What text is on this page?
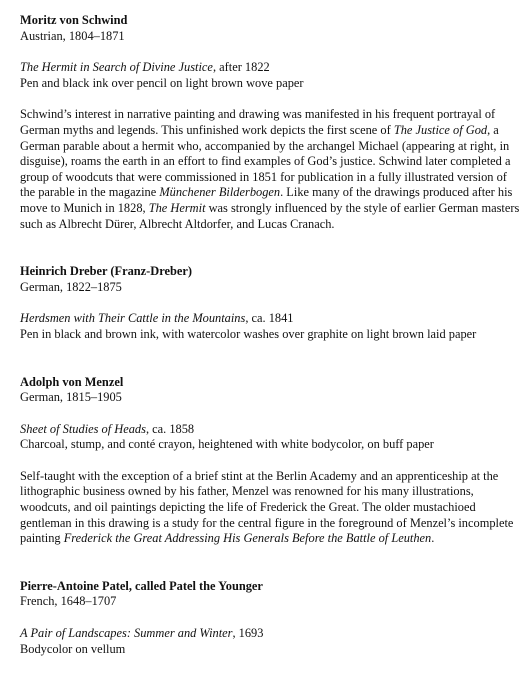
Moritz von Schwind

Austrian, 1804–1871

The Hermit in Search of Divine Justice, after 1822

Pen and black ink over pencil on light brown wove paper

Schwind’s interest in narrative painting and drawing was manifested in his frequent portrayal of German myths and legends. This unfinished work depicts the first scene of The Justice of God, a German parable about a hermit who, accompanied by the archangel Michael (appearing at right, in disguise), roams the earth in an effort to find examples of God’s justice. Schwind later completed a group of woodcuts that were commissioned in 1851 for publication in a fully illustrated version of the parable in the magazine Münchener Bilderbogen. Like many of the drawings produced after his move to Munich in 1828, The Hermit was strongly influenced by the style of earlier German masters such as Albrecht Dürer, Albrecht Altdorfer, and Lucas Cranach.

Heinrich Dreber (Franz-Dreber)

German, 1822–1875

Herdsmen with Their Cattle in the Mountains, ca. 1841

Pen in black and brown ink, with watercolor washes over graphite on light brown laid paper

Adolph von Menzel

German, 1815–1905

Sheet of Studies of Heads, ca. 1858

Charcoal, stump, and conté crayon, heightened with white bodycolor, on buff paper

Self-taught with the exception of a brief stint at the Berlin Academy and an apprenticeship at the lithographic business owned by his father, Menzel was renowned for his many illustrations, woodcuts, and oil paintings depicting the life of Frederick the Great. The older mustachioed gentleman in this drawing is a study for the central figure in the foreground of Menzel’s incomplete painting Frederick the Great Addressing His Generals Before the Battle of Leuthen.

Pierre-Antoine Patel, called Patel the Younger

French, 1648–1707

A Pair of Landscapes: Summer and Winter, 1693

Bodycolor on vellum
